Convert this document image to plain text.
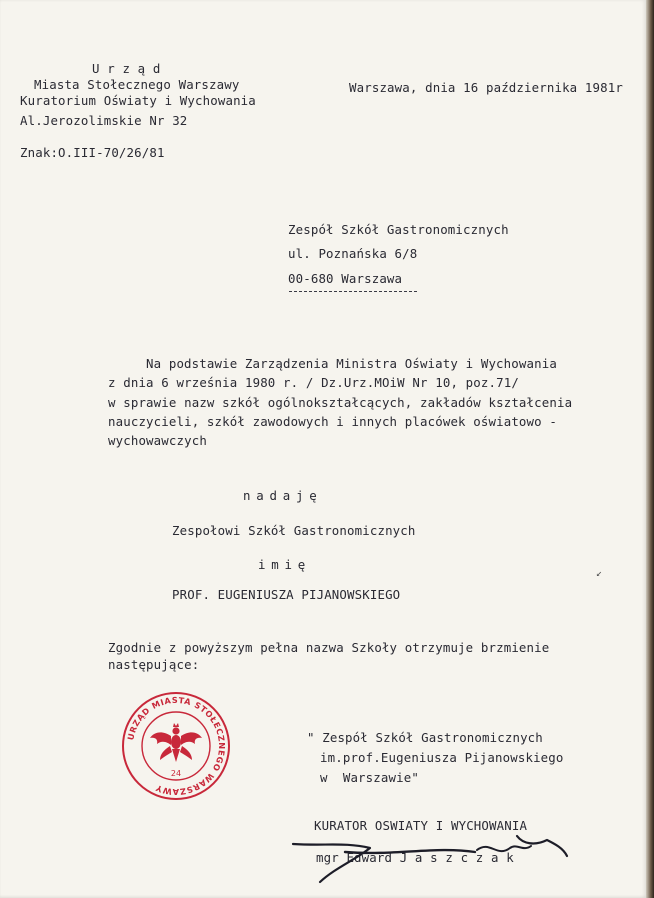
U r z ą d
Miasta Stołecznego Warszawy
Kuratorium Oświaty i Wychowania
Al.Jerozolimskie Nr 32
Warszawa, dnia 16 października 1981r
Znak:O.III-70/26/81
Zespół Szkół Gastronomicznych
ul. Poznańska 6/8
00-680 Warszawa
Na podstawie Zarządzenia Ministra Oświaty i Wychowania
z dnia 6 września 1980 r. / Dz.Urz.MOiW Nr 10, poz.71/
w sprawie nazw szkół ogólnokształcących, zakładów kształcenia
nauczycieli, szkół zawodowych i innych placówek oświatowo -
wychowawczych
nadaję
Zespołowi Szkół Gastronomicznych
imię
PROF. EUGENIUSZA PIJANOWSKIEGO
Zgodnie z powyższym pełna nazwa Szkoły otrzymuje brzmienie
następujące:
" Zespół Szkół Gastronomicznych
im.prof.Eugeniusza Pijanowskiego
w  Warszawie"
URZĄD MIASTA STOŁECZNEGO WARSZAWY
24
KURATOR OSWIATY I WYCHOWANIA
mgr Edward J a s z c z a k
↙
